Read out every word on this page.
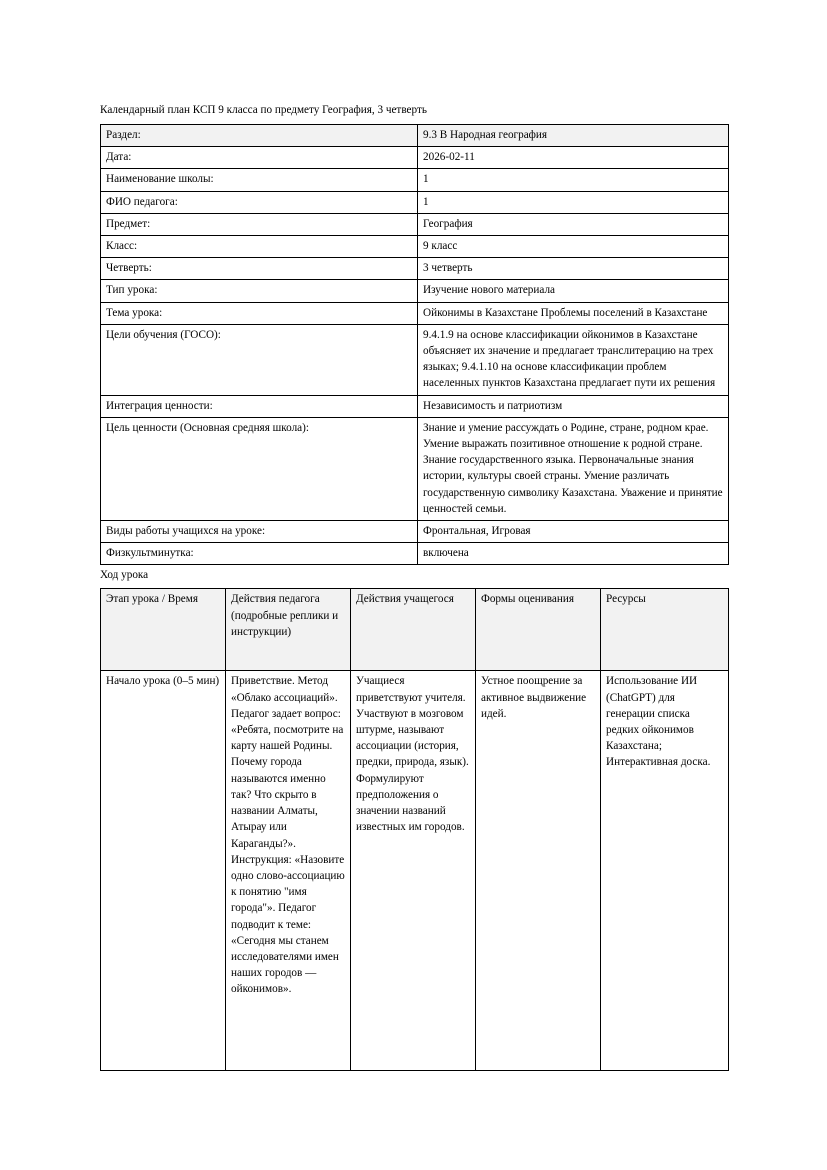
Календарный план КСП 9 класса по предмету География, 3 четверть
Раздел:	9.3 В Народная география
Дата:	2026-02-11
Наименование школы:	1
ФИО педагога:	1
Предмет:	География
Класс:	9 класс
Четверть:	3 четверть
Тип урока:	Изучение нового материала
Тема урока:	Ойконимы в Казахстане Проблемы поселений в Казахстане
Цели обучения (ГОСО):	9.4.1.9 на основе классификации ойконимов в Казахстане объясняет их значение и предлагает транслитерацию на трех языках; 9.4.1.10 на основе классификации проблем населенных пунктов Казахстана предлагает пути их решения
Интеграция ценности:	Независимость и патриотизм
Цель ценности (Основная средняя школа):	Знание и умение рассуждать о Родине, стране, родном крае. Умение выражать позитивное отношение к родной стране. Знание государственного языка. Первоначальные знания истории, культуры своей страны. Умение различать государственную символику Казахстана. Уважение и принятие ценностей семьи.
Виды работы учащихся на уроке:	Фронтальная, Игровая
Физкультминутка:	включена
Ход урока
Этап урока / Время	Действия педагога (подробные реплики и инструкции)	Действия учащегося	Формы оценивания	Ресурсы
Начало урока (0–5 мин)	Приветствие. Метод «Облако ассоциаций». Педагог задает вопрос: «Ребята, посмотрите на карту нашей Родины. Почему города называются именно так? Что скрыто в названии Алматы, Атырау или Караганды?». Инструкция: «Назовите одно слово-ассоциацию к понятию "имя города"». Педагог подводит к теме: «Сегодня мы станем исследователями имен наших городов — ойконимов».	Учащиеся приветствуют учителя. Участвуют в мозговом штурме, называют ассоциации (история, предки, природа, язык). Формулируют предположения о значении названий известных им городов.	Устное поощрение за активное выдвижение идей.	Использование ИИ (ChatGPT) для генерации списка редких ойконимов Казахстана; Интерактивная доска.
